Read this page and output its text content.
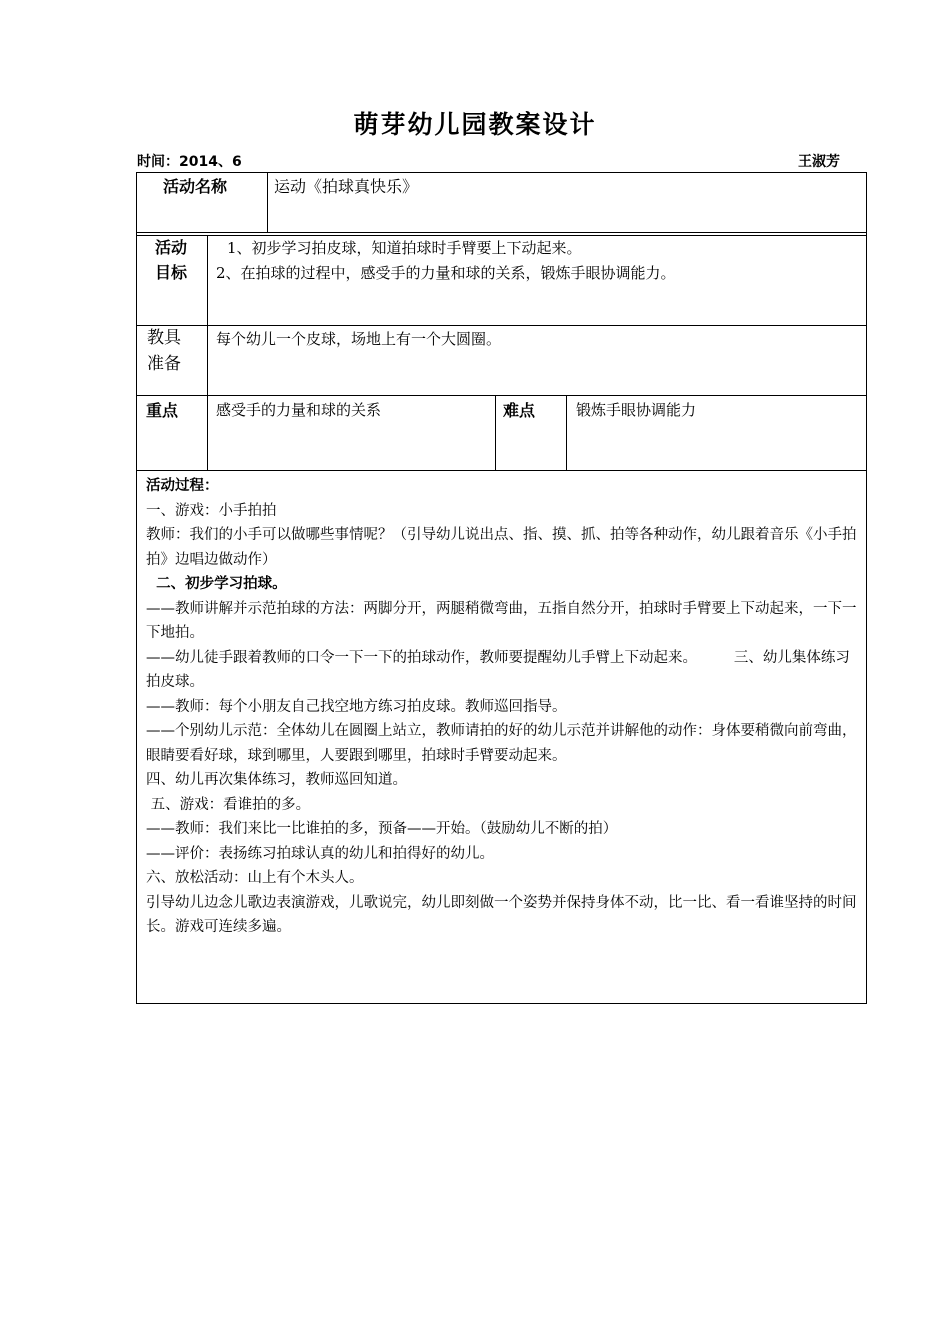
萌芽幼儿园教案设计
时间：2014、6	王淑芳
活动名称	运动《拍球真快乐》
活动
目标
1、初步学习拍皮球，知道拍球时手臂要上下动起来。
2、在拍球的过程中，感受手的力量和球的关系，锻炼手眼协调能力。
教具
准备
每个幼儿一个皮球，场地上有一个大圆圈。
重点	感受手的力量和球的关系	难点	锻炼手眼协调能力

活动过程：

一、游戏：小手拍拍

教师：我们的小手可以做哪些事情呢？（引导幼儿说出点、指、摸、抓、拍等各种动作，幼儿跟着音乐《小手拍拍》边唱边做动作）

二、初步学习拍球。

——教师讲解并示范拍球的方法：两脚分开，两腿稍微弯曲，五指自然分开，拍球时手臂要上下动起来，一下一下地拍。

——幼儿徒手跟着教师的口令一下一下的拍球动作，教师要提醒幼儿手臂上下动起来。        三、幼儿集体练习拍皮球。

——教师：每个小朋友自己找空地方练习拍皮球。教师巡回指导。

——个别幼儿示范：全体幼儿在圆圈上站立，教师请拍的好的幼儿示范并讲解他的动作：身体要稍微向前弯曲，眼睛要看好球，球到哪里，人要跟到哪里，拍球时手臂要动起来。

四、幼儿再次集体练习，教师巡回知道。

五、游戏：看谁拍的多。

——教师：我们来比一比谁拍的多，预备——开始。（鼓励幼儿不断的拍）

——评价：表扬练习拍球认真的幼儿和拍得好的幼儿。

六、放松活动：山上有个木头人。

引导幼儿边念儿歌边表演游戏，儿歌说完，幼儿即刻做一个姿势并保持身体不动，比一比、看一看谁坚持的时间长。游戏可连续多遍。
